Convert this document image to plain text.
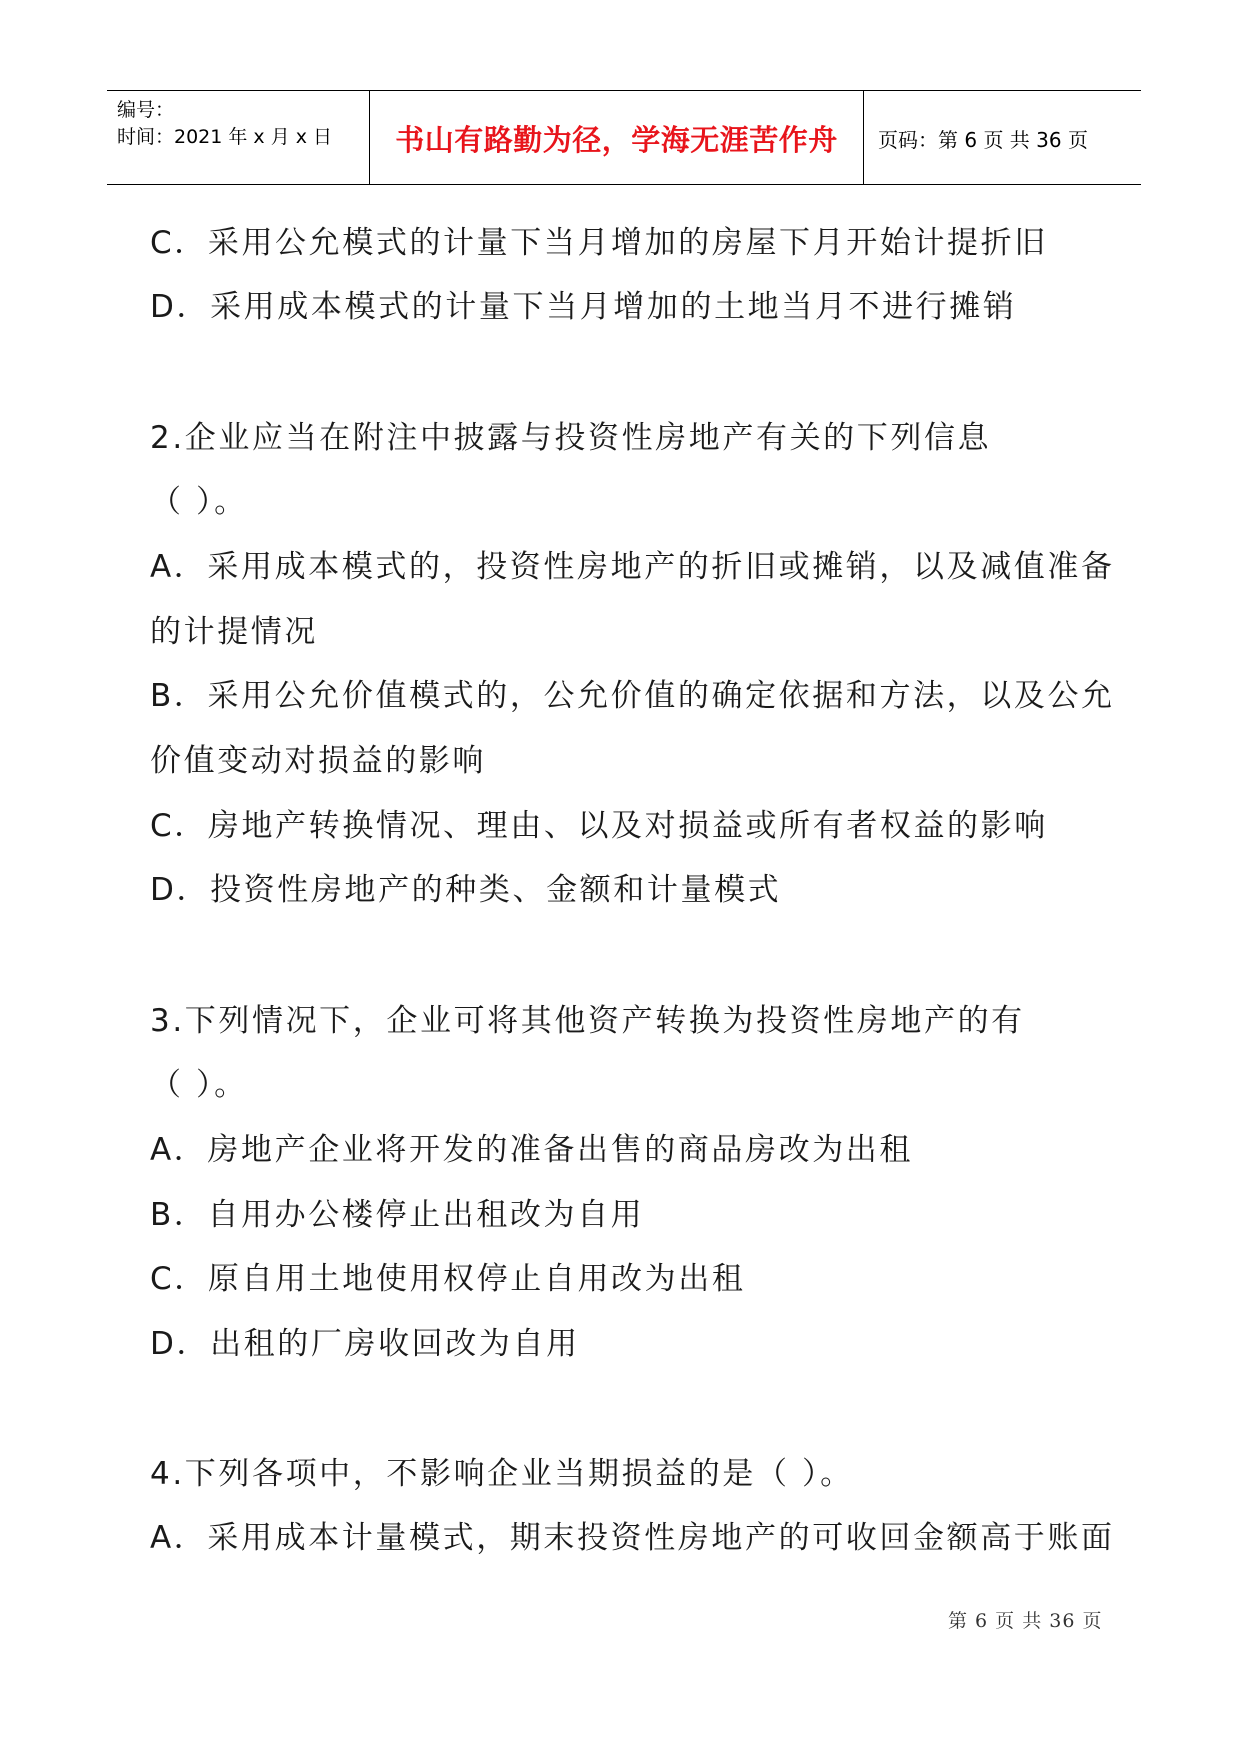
编号：
时间：2021 年 x 月 x 日	书山有路勤为径，学海无涯苦作舟	页码：第 6 页 共 36 页
C．采用公允模式的计量下当月增加的房屋下月开始计提折旧
D．采用成本模式的计量下当月增加的土地当月不进行摊销
2.企业应当在附注中披露与投资性房地产有关的下列信息
（ ）。
A．采用成本模式的，投资性房地产的折旧或摊销，以及减值准备
的计提情况
B．采用公允价值模式的，公允价值的确定依据和方法，以及公允
价值变动对损益的影响
C．房地产转换情况、理由、以及对损益或所有者权益的影响
D．投资性房地产的种类、金额和计量模式
3.下列情况下，企业可将其他资产转换为投资性房地产的有
（ ）。
A．房地产企业将开发的准备出售的商品房改为出租
B．自用办公楼停止出租改为自用
C．原自用土地使用权停止自用改为出租
D．出租的厂房收回改为自用
4.下列各项中，不影响企业当期损益的是（ ）。
A．采用成本计量模式，期末投资性房地产的可收回金额高于账面
第 6 页 共 36 页
